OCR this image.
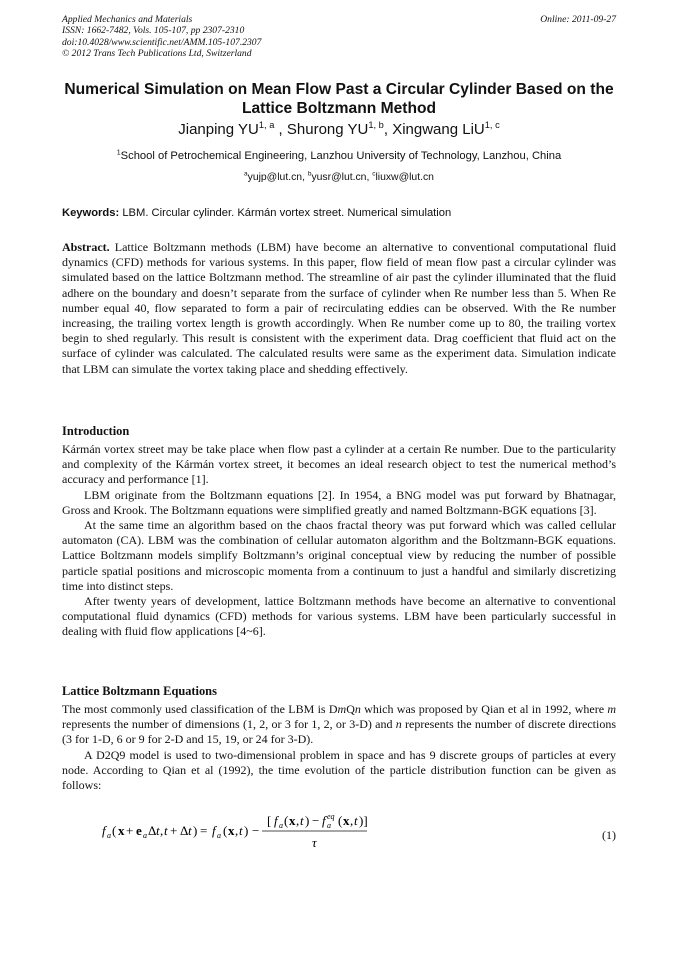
Applied Mechanics and Materials
ISSN: 1662-7482, Vols. 105-107, pp 2307-2310
doi:10.4028/www.scientific.net/AMM.105-107.2307
© 2012 Trans Tech Publications Ltd, Switzerland
Online: 2011-09-27
Numerical Simulation on Mean Flow Past a Circular Cylinder Based on the Lattice Boltzmann Method
Jianping YU$^{1, a}$ , Shurong YU$^{1, b}$, Xingwang LiU$^{1, c}$
$^1$School of Petrochemical Engineering, Lanzhou University of Technology, Lanzhou, China
$^a$yujp@lut.cn, $^b$yusr@lut.cn, $^c$liuxw@lut.cn
Keywords: LBM. Circular cylinder. Kármán vortex street. Numerical simulation

Abstract. Lattice Boltzmann methods (LBM) have become an alternative to conventional computational fluid dynamics (CFD) methods for various systems. In this paper, flow field of mean flow past a circular cylinder was simulated based on the lattice Boltzmann method. The streamline of air past the cylinder illuminated that the fluid adhere on the boundary and doesn’t separate from the surface of cylinder when Re number less than 5. When Re number equal 40, flow separated to form a pair of recirculating eddies can be observed. With the Re number increasing, the trailing vortex length is growth accordingly. When Re number come up to 80, the trailing vortex begin to shed regularly. This result is consistent with the experiment data. Drag coefficient that fluid act on the surface of cylinder was calculated. The calculated results were same as the experiment data. Simulation indicate that LBM can simulate the vortex taking place and shedding effectively.

Introduction

Kármán vortex street may be take place when flow past a cylinder at a certain Re number. Due to the particularity and complexity of the Kármán vortex street, it becomes an ideal research object to test the numerical method’s accuracy and performance [1].

LBM originate from the Boltzmann equations [2]. In 1954, a BNG model was put forward by Bhatnagar, Gross and Krook. The Boltzmann equations were simplified greatly and named Boltzmann-BGK equations [3].

At the same time an algorithm based on the chaos fractal theory was put forward which was called cellular automaton (CA). LBM was the combination of cellular automaton algorithm and the Boltzmann-BGK equations. Lattice Boltzmann models simplify Boltzmann’s original conceptual view by reducing the number of possible particle spatial positions and microscopic momenta from a continuum to just a handful and similarly discretizing time into distinct steps.

After twenty years of development, lattice Boltzmann methods have become an alternative to conventional computational fluid dynamics (CFD) methods for various systems. LBM have been particularly successful in dealing with fluid flow applications [4~6].

Lattice Boltzmann Equations

The most commonly used classification of the LBM is DmQn which was proposed by Qian et al in 1992, where m represents the number of dimensions (1, 2, or 3 for 1, 2, or 3-D) and n represents the number of discrete directions (3 for 1-D, 6 or 9 for 2-D and 15, 19, or 24 for 3-D).

A D2Q9 model is used to two-dimensional problem in space and has 9 discrete groups of particles at every node. According to Qian et al (1992), the time evolution of the particle distribution function can be given as follows:

f a ( x + e a Δ t , t + Δ t ) = f a ( x , t ) −
[ f a ( x , t ) − f eq
a ( x , t )]
τ	(1)
